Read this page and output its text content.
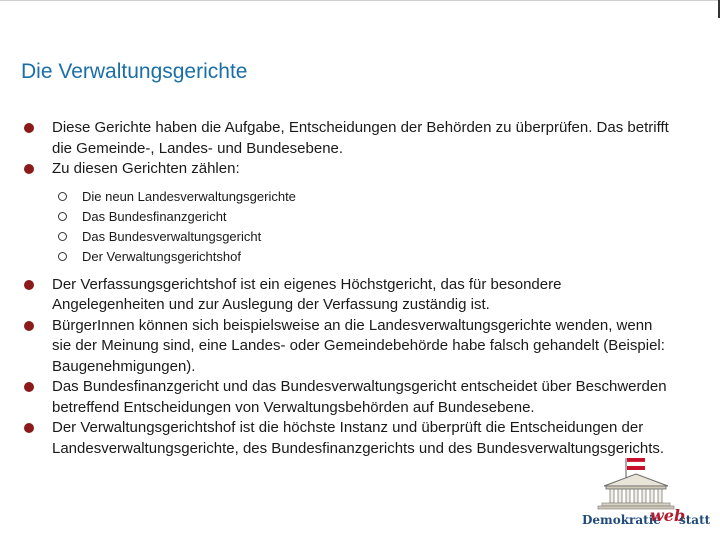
Die Verwaltungsgerichte
Diese Gerichte haben die Aufgabe, Entscheidungen der Behörden zu überprüfen. Das betrifft die Gemeinde-, Landes- und Bundesebene.
Zu diesen Gerichten zählen:
Die neun Landesverwaltungsgerichte
Das Bundesfinanzgericht
Das Bundesverwaltungsgericht
Der Verwaltungsgerichtshof
Der Verfassungsgerichtshof ist ein eigenes Höchstgericht, das für besondere Angelegenheiten und zur Auslegung der Verfassung zuständig ist.
BürgerInnen können sich beispielsweise an die Landesverwaltungsgerichte wenden, wenn sie der Meinung sind, eine Landes- oder Gemeindebehörde habe falsch gehandelt (Beispiel: Baugenehmigungen).
Das Bundesfinanzgericht und das Bundesverwaltungsgericht entscheidet über Beschwerden betreffend Entscheidungen von Verwaltungsbehörden auf Bundesebene.
Der Verwaltungsgerichtshof ist die höchste Instanz und überprüft die Entscheidungen der Landesverwaltungsgerichte, des Bundesfinanzgerichts und des Bundesverwaltungsgerichts.
Demokratie
web
statt
